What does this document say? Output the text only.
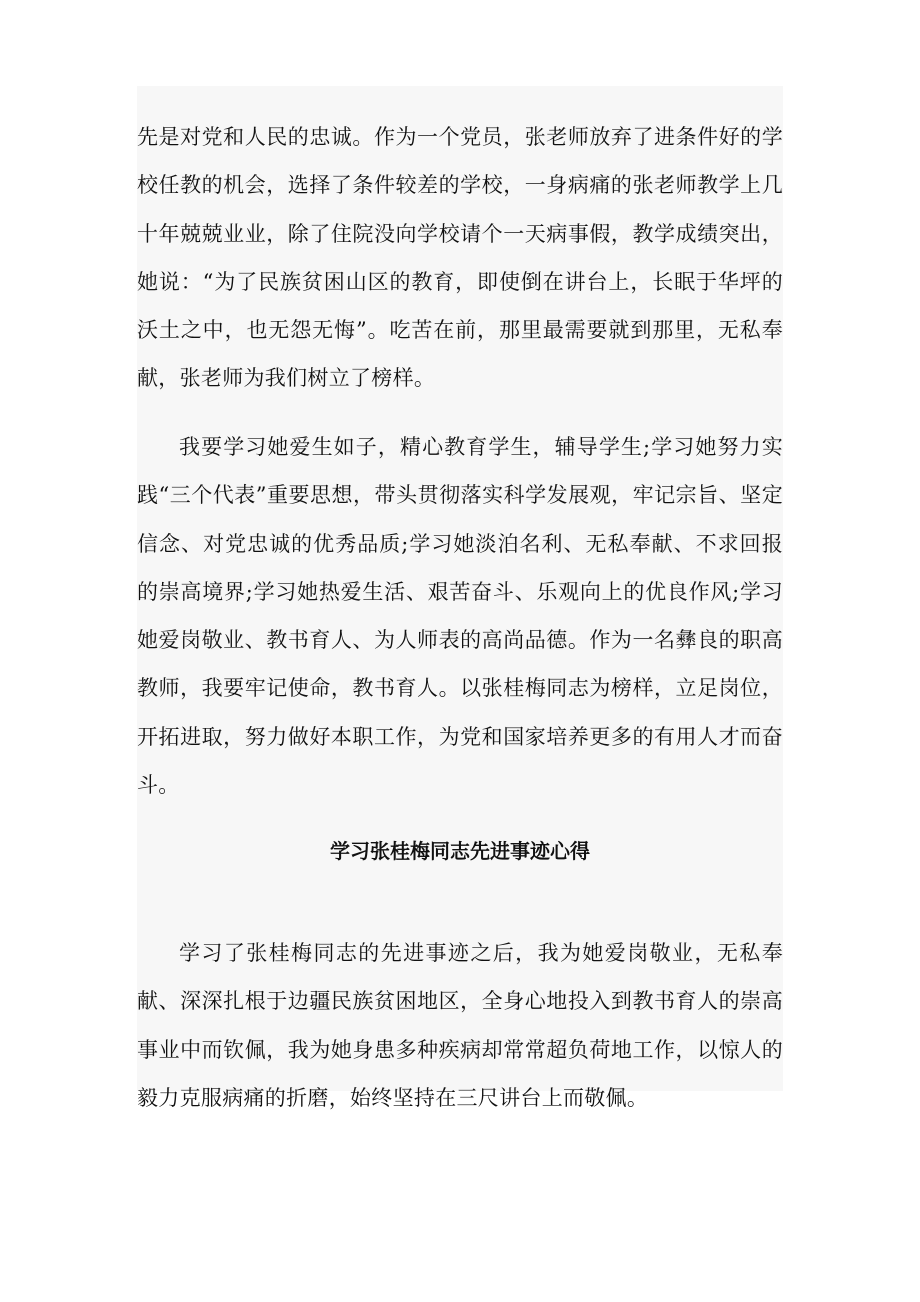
先是对党和人民的忠诚。作为一个党员，张老师放弃了进条件好的学校任教的机会，选择了条件较差的学校，一身病痛的张老师教学上几十年兢兢业业，除了住院没向学校请个一天病事假，教学成绩突出，她说：“为了民族贫困山区的教育，即使倒在讲台上，长眠于华坪的沃土之中，也无怨无悔”。吃苦在前，那里最需要就到那里，无私奉献，张老师为我们树立了榜样。

我要学习她爱生如子，精心教育学生，辅导学生;学习她努力实践“三个代表”重要思想，带头贯彻落实科学发展观，牢记宗旨、坚定信念、对党忠诚的优秀品质;学习她淡泊名利、无私奉献、不求回报的崇高境界;学习她热爱生活、艰苦奋斗、乐观向上的优良作风;学习她爱岗敬业、教书育人、为人师表的高尚品德。作为一名彝良的职高教师，我要牢记使命，教书育人。以张桂梅同志为榜样，立足岗位，开拓进取，努力做好本职工作，为党和国家培养更多的有用人才而奋斗。

学习张桂梅同志先进事迹心得

学习了张桂梅同志的先进事迹之后，我为她爱岗敬业，无私奉献、深深扎根于边疆民族贫困地区，全身心地投入到教书育人的崇高事业中而钦佩，我为她身患多种疾病却常常超负荷地工作，以惊人的毅力克服病痛的折磨，始终坚持在三尺讲台上而敬佩。
